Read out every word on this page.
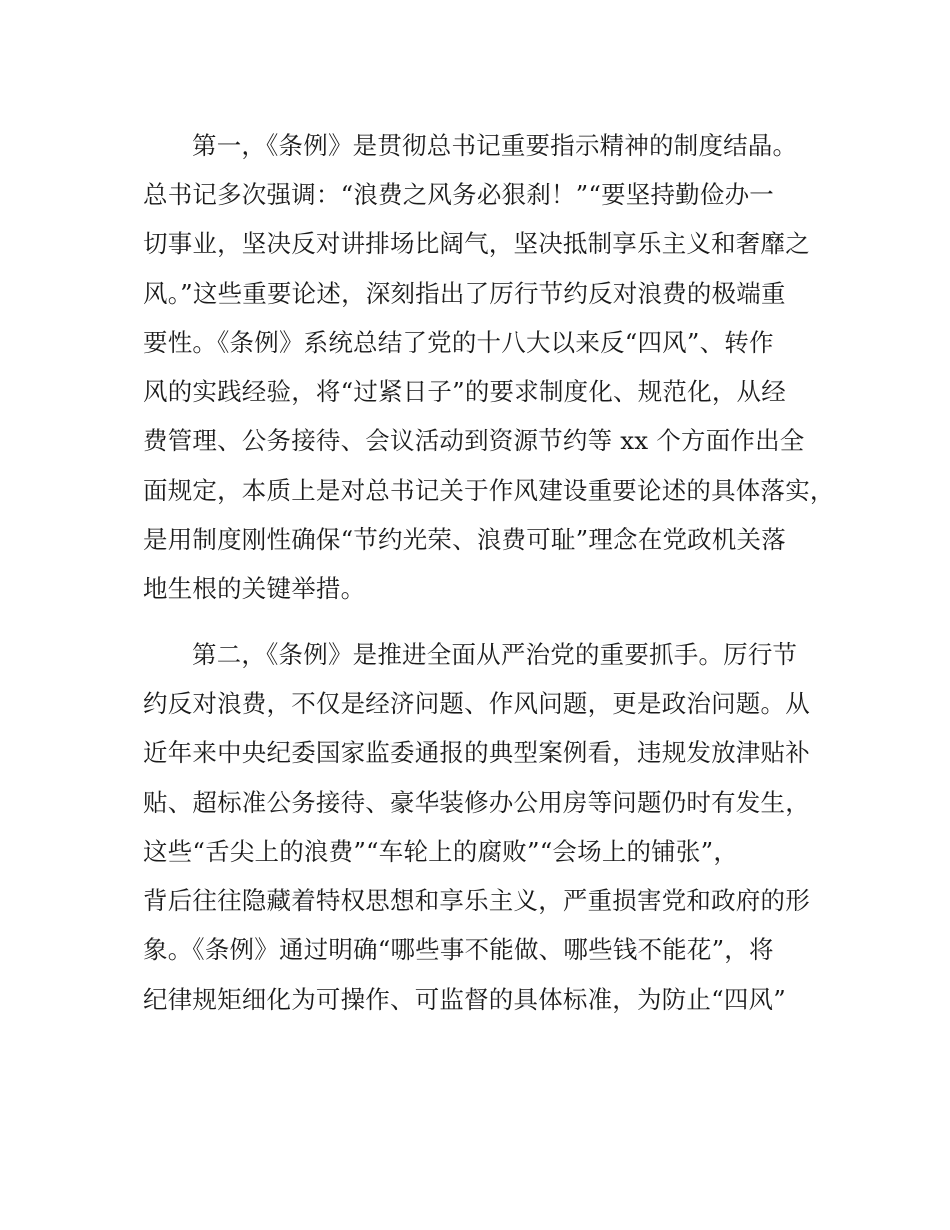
第一，《条例》是贯彻总书记重要指示精神的制度结晶。
总书记多次强调：“浪费之风务必狠刹！”“要坚持勤俭办一
切事业，坚决反对讲排场比阔气，坚决抵制享乐主义和奢靡之
风。”这些重要论述，深刻指出了厉行节约反对浪费的极端重
要性。《条例》系统总结了党的十八大以来反“四风”、转作
风的实践经验，将“过紧日子”的要求制度化、规范化，从经
费管理、公务接待、会议活动到资源节约等 xx 个方面作出全
面规定，本质上是对总书记关于作风建设重要论述的具体落实，
是用制度刚性确保“节约光荣、浪费可耻”理念在党政机关落
地生根的关键举措。
第二，《条例》是推进全面从严治党的重要抓手。厉行节
约反对浪费，不仅是经济问题、作风问题，更是政治问题。从
近年来中央纪委国家监委通报的典型案例看，违规发放津贴补
贴、超标准公务接待、豪华装修办公用房等问题仍时有发生，
这些“舌尖上的浪费”“车轮上的腐败”“会场上的铺张”，
背后往往隐藏着特权思想和享乐主义，严重损害党和政府的形
象。《条例》通过明确“哪些事不能做、哪些钱不能花”，将
纪律规矩细化为可操作、可监督的具体标准，为防止“四风”
